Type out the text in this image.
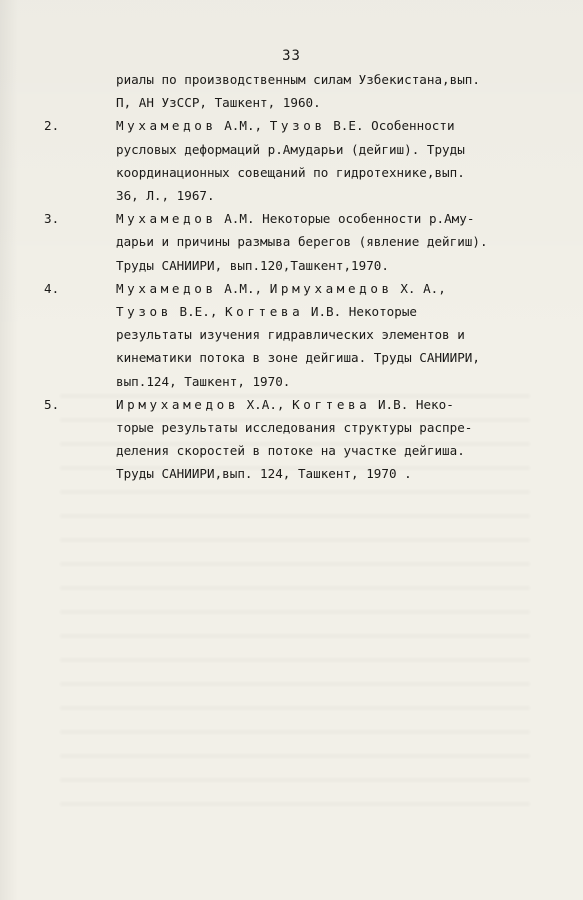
33
риалы по производственным силам Узбекистана,вып.
П, АН УзССР, Ташкент, 1960.
2.	Мухамедов А.М., Тузов В.Е. Особенности
русловых деформаций р.Амударьи (дейгиш). Труды
координационных совещаний по гидротехнике,вып.
36, Л., 1967.
3.	Мухамедов А.М. Некоторые особенности р.Аму-
дарьи и причины размыва берегов (явление дейгиш).
Труды САНИИРИ, вып.120,Ташкент,1970.
4.	Мухамедов А.М., Ирмухамедов Х. А.,
Тузов В.Е., Когтева И.В. Некоторые
результаты изучения гидравлических элементов и
кинематики потока в зоне дейгиша. Труды САНИИРИ,
вып.124, Ташкент, 1970.
5.	Ирмухамедов Х.А., Когтева И.В. Неко-
торые результаты исследования структуры распре-
деления скоростей в потоке на участке дейгиша.
Труды САНИИРИ,вып. 124, Ташкент, 1970 .
